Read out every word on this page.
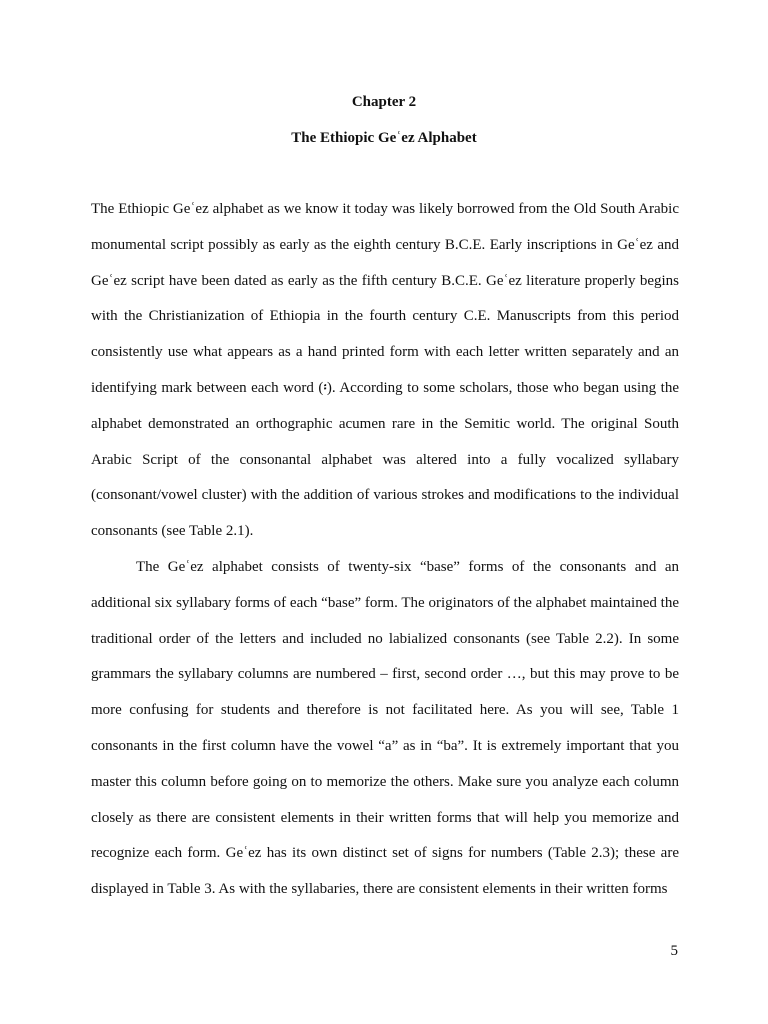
Chapter 2
The Ethiopic Geʿez Alphabet

The Ethiopic Geʿez alphabet as we know it today was likely borrowed from the Old South Arabic monumental script possibly as early as the eighth century B.C.E. Early inscriptions in Geʿez and Geʿez script have been dated as early as the fifth century B.C.E. Geʿez literature properly begins with the Christianization of Ethiopia in the fourth century C.E. Manuscripts from this period consistently use what appears as a hand printed form with each letter written separately and an identifying mark between each word (፡). According to some scholars, those who began using the alphabet demonstrated an orthographic acumen rare in the Semitic world. The original South Arabic Script of the consonantal alphabet was altered into a fully vocalized syllabary (consonant/vowel cluster) with the addition of various strokes and modifications to the individual consonants (see Table 2.1).

The Geʿez alphabet consists of twenty-six “base” forms of the consonants and an additional six syllabary forms of each “base” form. The originators of the alphabet maintained the traditional order of the letters and included no labialized consonants (see Table 2.2). In some grammars the syllabary columns are numbered – first, second order …, but this may prove to be more confusing for students and therefore is not facilitated here. As you will see, Table 1 consonants in the first column have the vowel “a” as in “ba”. It is extremely important that you master this column before going on to memorize the others. Make sure you analyze each column closely as there are consistent elements in their written forms that will help you memorize and recognize each form. Geʿez has its own distinct set of signs for numbers (Table 2.3); these are displayed in Table 3. As with the syllabaries, there are consistent elements in their written forms

5
